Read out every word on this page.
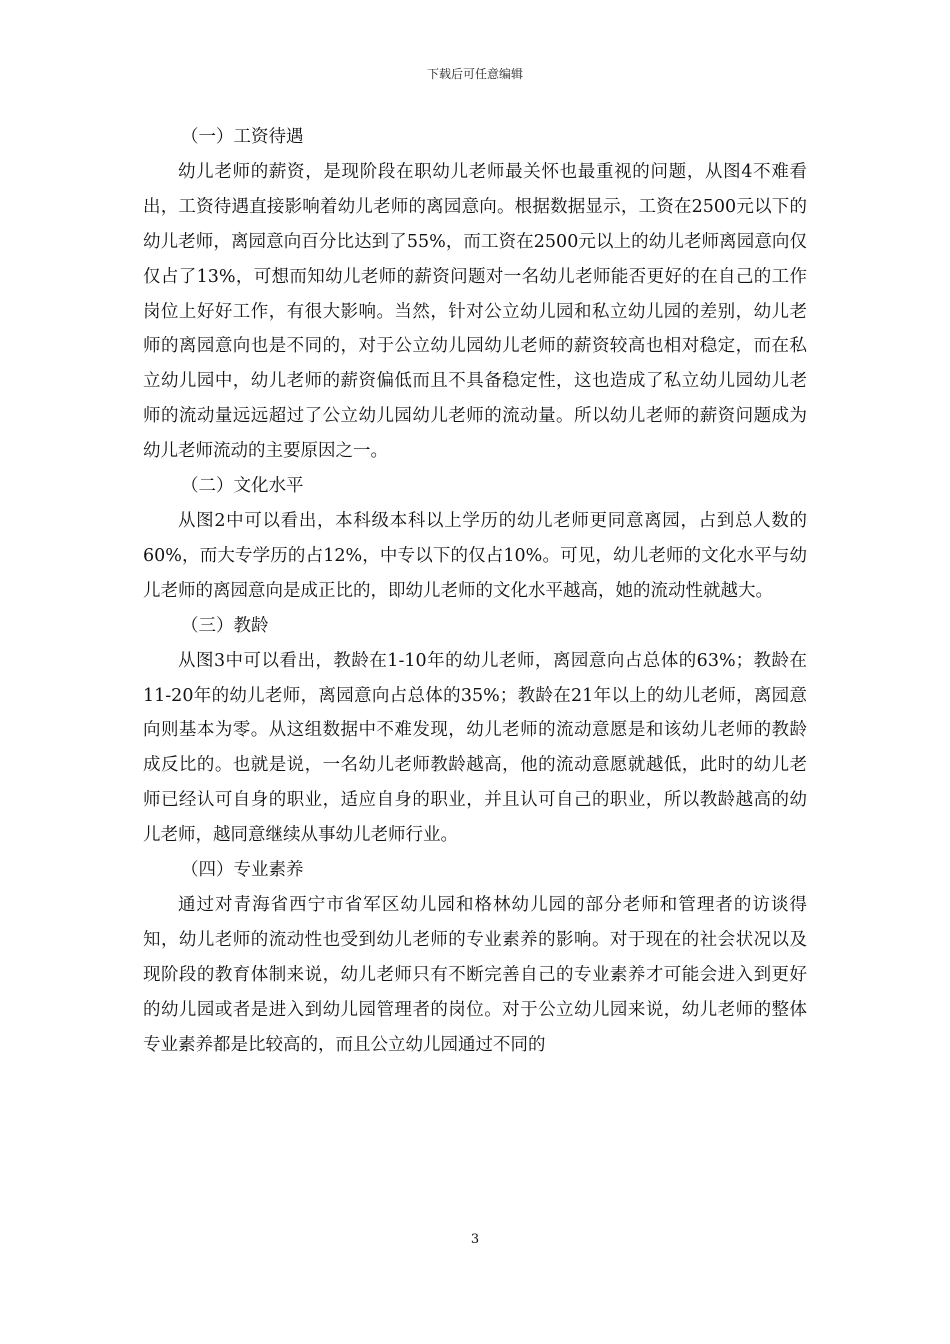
下载后可任意编辑

（一）工资待遇

幼儿老师的薪资，是现阶段在职幼儿老师最关怀也最重视的问题，从图4不难看出，工资待遇直接影响着幼儿老师的离园意向。根据数据显示，工资在2500元以下的幼儿老师，离园意向百分比达到了55%，而工资在2500元以上的幼儿老师离园意向仅仅占了13%，可想而知幼儿老师的薪资问题对一名幼儿老师能否更好的在自己的工作岗位上好好工作，有很大影响。当然，针对公立幼儿园和私立幼儿园的差别，幼儿老师的离园意向也是不同的，对于公立幼儿园幼儿老师的薪资较高也相对稳定，而在私立幼儿园中，幼儿老师的薪资偏低而且不具备稳定性，这也造成了私立幼儿园幼儿老师的流动量远远超过了公立幼儿园幼儿老师的流动量。所以幼儿老师的薪资问题成为幼儿老师流动的主要原因之一。

（二）文化水平

从图2中可以看出，本科级本科以上学历的幼儿老师更同意离园，占到总人数的60%，而大专学历的占12%，中专以下的仅占10%。可见，幼儿老师的文化水平与幼儿老师的离园意向是成正比的，即幼儿老师的文化水平越高，她的流动性就越大。

（三）教龄

从图3中可以看出，教龄在1-10年的幼儿老师，离园意向占总体的63%；教龄在11-20年的幼儿老师，离园意向占总体的35%；教龄在21年以上的幼儿老师，离园意向则基本为零。从这组数据中不难发现，幼儿老师的流动意愿是和该幼儿老师的教龄成反比的。也就是说，一名幼儿老师教龄越高，他的流动意愿就越低，此时的幼儿老师已经认可自身的职业，适应自身的职业，并且认可自己的职业，所以教龄越高的幼儿老师，越同意继续从事幼儿老师行业。

（四）专业素养

通过对青海省西宁市省军区幼儿园和格林幼儿园的部分老师和管理者的访谈得知，幼儿老师的流动性也受到幼儿老师的专业素养的影响。对于现在的社会状况以及现阶段的教育体制来说，幼儿老师只有不断完善自己的专业素养才可能会进入到更好的幼儿园或者是进入到幼儿园管理者的岗位。对于公立幼儿园来说，幼儿老师的整体专业素养都是比较高的，而且公立幼儿园通过不同的

3
